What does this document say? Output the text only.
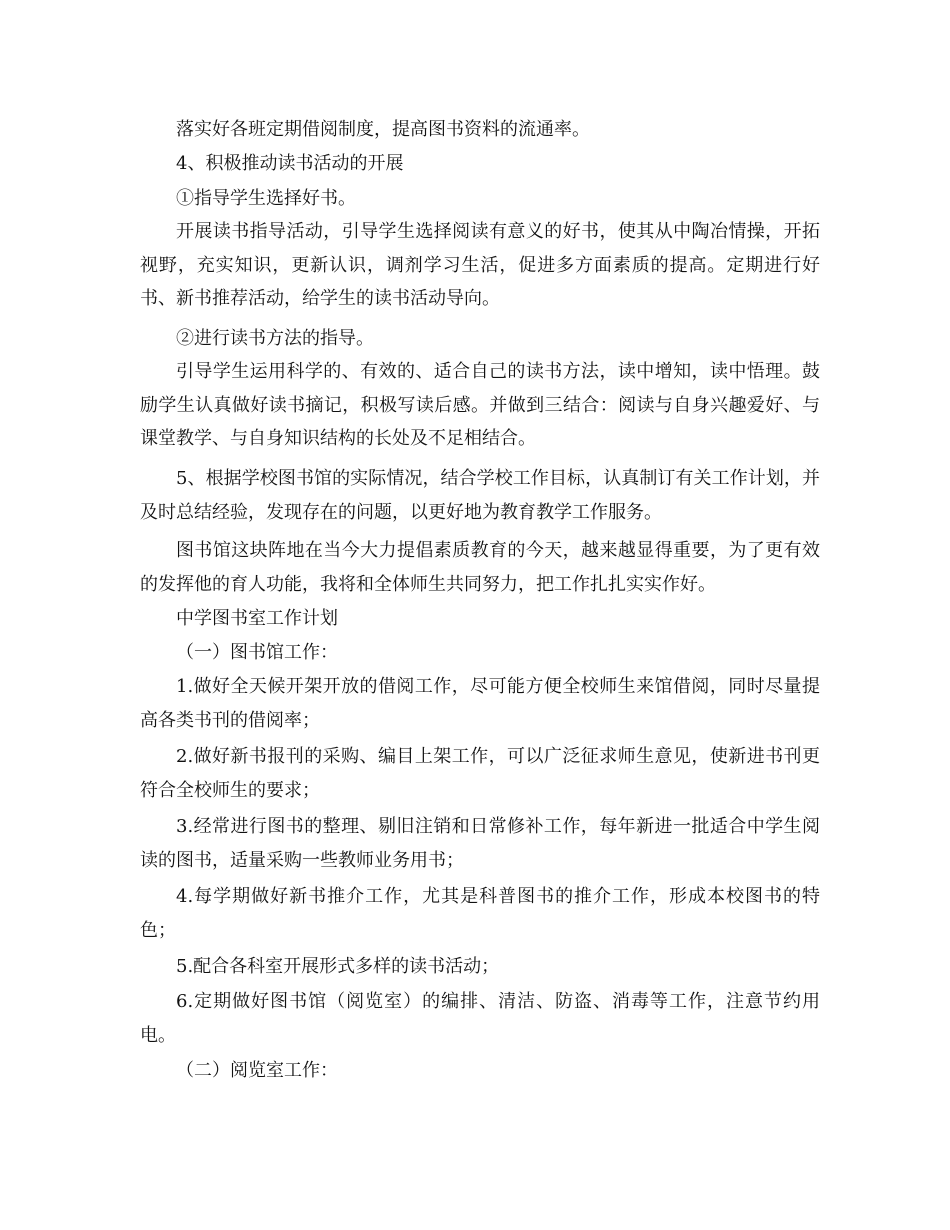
落实好各班定期借阅制度，提高图书资料的流通率。

4、积极推动读书活动的开展

①指导学生选择好书。

开展读书指导活动，引导学生选择阅读有意义的好书，使其从中陶冶情操，开拓视野，充实知识，更新认识，调剂学习生活，促进多方面素质的提高。定期进行好书、新书推荐活动，给学生的读书活动导向。

②进行读书方法的指导。

引导学生运用科学的、有效的、适合自己的读书方法，读中增知，读中悟理。鼓励学生认真做好读书摘记，积极写读后感。并做到三结合：阅读与自身兴趣爱好、与课堂教学、与自身知识结构的长处及不足相结合。

5、根据学校图书馆的实际情况，结合学校工作目标，认真制订有关工作计划，并及时总结经验，发现存在的问题，以更好地为教育教学工作服务。

图书馆这块阵地在当今大力提倡素质教育的今天，越来越显得重要，为了更有效的发挥他的育人功能，我将和全体师生共同努力，把工作扎扎实实作好。

中学图书室工作计划

（一）图书馆工作：

1.做好全天候开架开放的借阅工作，尽可能方便全校师生来馆借阅，同时尽量提高各类书刊的借阅率；

2.做好新书报刊的采购、编目上架工作，可以广泛征求师生意见，使新进书刊更符合全校师生的要求；

3.经常进行图书的整理、剔旧注销和日常修补工作，每年新进一批适合中学生阅读的图书，适量采购一些教师业务用书；

4.每学期做好新书推介工作，尤其是科普图书的推介工作，形成本校图书的特色；

5.配合各科室开展形式多样的读书活动；

6.定期做好图书馆（阅览室）的编排、清洁、防盗、消毒等工作，注意节约用电。

（二）阅览室工作：
